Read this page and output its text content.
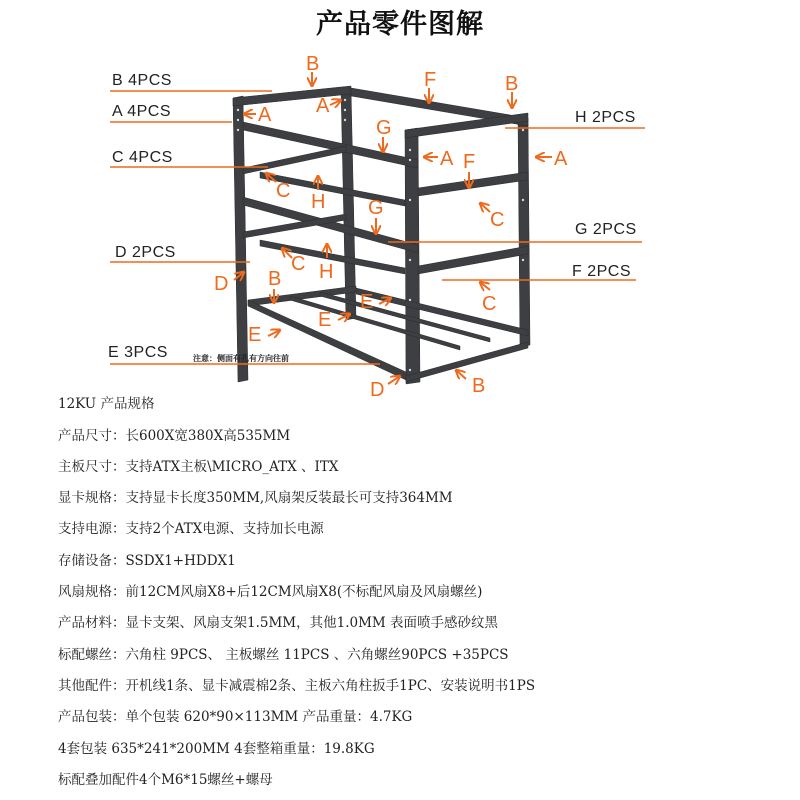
产品零件图解
B
A A
F	B
G
A	A
F
C H G
C
C H
D B
E
E
E	C
D	B
B 4PCS
A 4PCS
C 4PCS
D 2PCS
E 3PCS
H 2PCS
G 2PCS
F 2PCS
注意：侧面有孔有方向往前
12KU 产品规格
产品尺寸：长600X宽380X高535MM
主板尺寸：支持ATX主板\MICRO_ATX 、ITX
显卡规格：支持显卡长度350MM,风扇架反装最长可支持364MM
支持电源：支持2个ATX电源、支持加长电源
存储设备：SSDX1+HDDX1
风扇规格：前12CM风扇X8+后12CM风扇X8(不标配风扇及风扇螺丝)
产品材料：显卡支架、风扇支架1.5MM，其他1.0MM 表面喷手感砂纹黑
标配螺丝：六角柱 9PCS、 主板螺丝 11PCS 、六角螺丝90PCS +35PCS
其他配件：开机线1条、显卡减震棉2条、主板六角柱扳手1PC、安装说明书1PS
产品包装：单个包装 620*90×113MM 产品重量：4.7KG
4套包装 635*241*200MM 4套整箱重量：19.8KG
标配叠加配件4个M6*15螺丝+螺母
